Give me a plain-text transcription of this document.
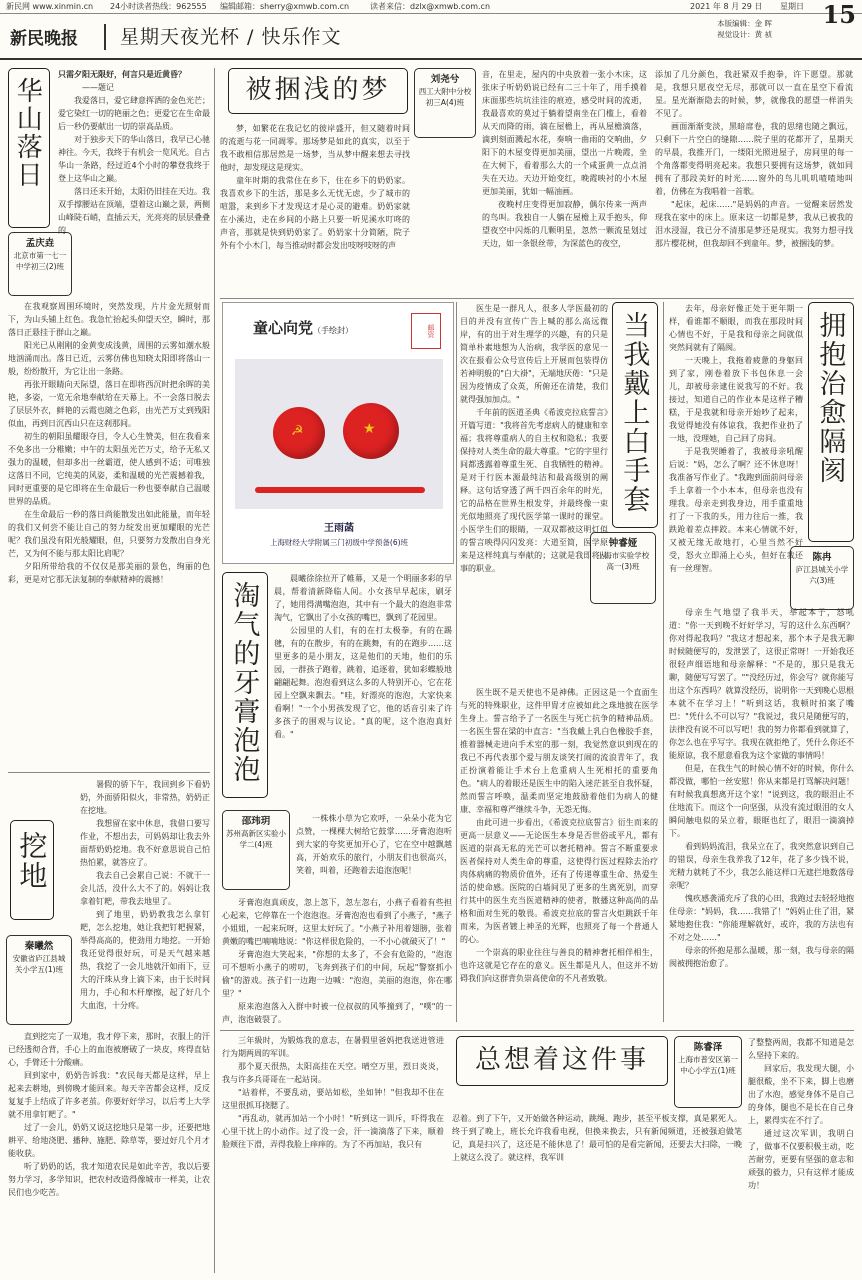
新民网 www.xinmin.cn 24小时读者热线：962555 编辑邮箱：sherry@xmwb.com.cn	读者来信：dzlx@xmwb.com.cn	2021 年 8 月 29 日 星期日 15
新民晚报 星期天夜光杯 / 快乐作文
本版编辑：金 晖
视觉设计：黄 祯
华山落日
孟庆垚
北京市第一七一中学初三(2)班

只需夕阳无限好，何言只是近黄昏？

——题记

我爱落日，爱它肆意挥洒的金色光芒；爱它染红一切的艳丽之色；更爱它在生命最后一秒仍要献出一切的崇高品质。

对于独步天下的华山落日，我早已心驰神往。今天，我终于有机会一览风光。自古华山一条路，经过近4个小时的攀登我终于登上这华山之巅。

落日还未开始，太阳仍旧挂在天边。我双手撑腰站在顶端，望着这山巅之景，两侧山峰陡石峭，直插云天，光亮亮的层层叠叠的

在我观察周围环境时，突然发现，片片金光照射而下，为山头铺上红色。我急忙抬起头仰望天空，瞬时，那落日正悬挂于群山之巅。

阳光已从刚刚的金黄变成浅黄，周围的云雾如潮水般地汹涌而出。落日已近，云雾仿佛也知晓太阳即将落山一般，纷纷散开，为它让出一条路。

再张开眼睛向天际望，落日在即将西沉时把余晖的美艳，多姿，一览无余地奉献给在天幕上。不一会落日脱去了层层外衣，鲜艳的云霞也随之色彩，由光芒万丈到残阳似血，再到日沉西山只在这刹那间。

初生的朝阳虽耀眼夺目，令人心生赞美，但在我看来不免多出一分稚嫩；中午的太阳虽光芒万丈，给予无私又强力的温暖，但却多出一丝霸道，使人感到不适；可唯独这落日不同，它纯美的风姿，柔和温暖的光芒震撼着我，同时更重要的是它即将在生命最后一秒也要奉献自己温暖世界的品质。

在生命最后一秒的落日尚能散发出如此能量，而年轻的我们又何尝不能让自己的努力绽发出更加耀眼的光芒呢？我们虽没有阳光般耀眼，但，只要努力发散出自身光芒，又为何不能与那太阳比肩呢？

夕阳所带给我的不仅仅是那美丽的景色，绚丽的色彩，更是对它那无法复制的奉献精神的震撼！

挖地
秦曦然
安徽省庐江县城关小学五(1)班

暑假的骄下午，我回到乡下看奶奶，外面骄阳似火，非常热，奶奶正在挖地。

我想留在家中休息，我借口要写作业，不想出去，可妈妈却让我去外面帮奶奶挖地。我不好意思说自己怕热怕累，就答应了。

我去自己会累自己说：不就干一会儿活，没什么大不了的。妈妈让我拿着钉耙，带我去地里了。

到了地里，奶奶教我怎么拿钉耙，怎么挖地，她让我把钉耙握紧，举得高高的，使劲用力地挖。一开始我还觉得很好玩，可是天气越来越热，我挖了一会儿地就汗如雨下，豆大的汗珠从身上滴下来，由于长时间用力，手心和木杆摩擦，起了好几个大血泡，十分疼。

直到挖完了一双地，我才停下来，那时，衣服上的汗已经透彻合背，手心上的血泡被磨破了一块皮，疼得直钻心，手臂还十分酸痛。

回到家中，奶奶告诉我："农民每天都是这样，早上起来去耕地，到傍晚才能回来。每天辛苦都会这样，反反复复手上结成了许多老茧。你要好好学习，以后考上大学就不用拿钉耙了。"

过了一会儿，奶奶又说这挖地只是第一步，还要把地耕平、给地浇肥、播种、施肥、除草等，要过好几个月才能收获。

听了奶奶的话，我才知道农民是如此辛苦，我以后要努力学习，多学知识，把农村改造得像城市一样美，让农民们也少吃苦。

被捆浅的梦	刘尧兮
西工大附中分校初三A(4)班

梦，如繁花在我记忆的彼岸盛开，但又随着时间的流逝与花一同凋零。那场梦是如此的真实，以至于我不敢相信那居然是一场梦，当从梦中醒来想去寻找他时，却发现这是现实。

童年时期的我常住在乡下，住在乡下的奶奶家。我喜欢乡下的生活，那是多么无忧无虑，少了城市的喧嚣，来到乡下才发现这才是心灵的避难。奶奶家就在小溪边，走在乡间的小路上只要一听见溪水叮咚的声音，那就是快到奶奶家了。奶奶家十分简陋，院子外有个小木门，每当推动时都会发出吱呀吱呀的声

音，在里走，屋内的中央放着一张小木床，这张床子听奶奶说已经有二三十年了，用手摸着床面那些坑坑洼洼的痕迹，感受时间的流逝，我最喜欢的莫过于躺着望南坐在门槛上，看着从天而降的雨，滴在屋檐上，再从屋檐滴落，滴到刻面溅起水花，奏响一曲雨的交响曲，夕阳下的木屋变得更加美丽，望出一片晚霞，坐在大树下，看着那么大的一个咸蛋黄一点点消失在天边。天边开始变红，晚霞映衬的小木屋更加美丽，犹如一幅油画。

夜晚村庄变得更加寂静，偶尔传来一两声的鸟叫。我独自一人躺在屋檐上双手抱头，仰望夜空中闪烁的几颗明星，忽然一颗流星划过天边，如一条银丝带，为深蓝色的夜空，

添加了几分颜色，我赶紧双手抱拳，许下愿望。那就是，我想只愿夜空无尽，那就可以一直在星空下看流星。星光渐渐隐去的时候，梦，就像我的愿望一样消失不见了。

画面渐渐变淡，黑暗席卷，我的思绪也随之飘远，只剩下一片空白的缝隙……院子里的花都开了，星期天的早晨，我推开门，一缕阳光照进屋子，房间里的每一个角落都变得明亮起来。我想只要拥有这场梦，就如同拥有了那段美好的时光……窗外的鸟儿叽叽喳喳地叫着，仿佛在为我唱着一首歌。

"起床，起床……"是妈妈的声音。一觉醒来居然发现我在家中的床上。原来这一切都是梦，我从已被我的泪水浸湿，我已分不清那是梦还是现实。我努力想寻找那片樱花树，但我却回不到童年。梦，被捆浅的梦。

童心向党（手绘封）	邮资
☭	★
王雨菡
上海财经大学附属三门初级中学预备(6)班
当我戴上白手套
钟睿娅
上海市实验学校高一(3)班

医生是一群凡人，很多人学医最初的目的并没有宣传广告上喊的那么高远微岸，有的出于对生理学的兴趣，有的只是简单朴素地想为人治病，我学医的意见一次在报看公众号宣传后上开展而包装得仿若神明般的"白大褂"，无端地厌倦："只是因为疫情成了众英，所俯还在清楚，我们就得强加加点。"

千年前的医道圣典《希波克拉底誓言》开篇写道："我将首先考虑病人的健康和幸福；我将尊重病人的自主权和隐私；我要保持对人类生命的最大尊重。"它的字里行间都透露着尊重生死、自我牺牲的精神。是对于行医本源最纯洁和最高级别的阐释。这句话穿透了两千四百余年的时光，它的品格在世界生根发芽，并最终像一束光似地照亮了现代医学第一课时的课堂。小医学生们的眼睛，一双双都被这明灯似的誓言映得闪闪发亮：大道至简，医学原来是这样纯真与奉献的；这就是我即将从事的职业。

医生既不是天使也不是神佛。正因这是一个直面生与死的特殊职业，这件甲胄才应被如此之珠地披在医学生身上。誓言给予了一名医生与死亡抗争的精神品质。一名医生誓在梁的中直言："当我戴上乳白色橡胶手套，推着器械走进向手术室的那一刻，我觉然意识到现在的我已不再代表那个爱与朋友谈笑打闹的流浪青年了，我正扮演着能让手术台上危重病人生死相托的重要角色。"病人的着眼还是医生中的陷入迷茫甚至自我怀疑，然而誓言呼唤，温柔而坚定地鼓励着他们为病人的健康、幸福和尊严继续斗争，无怨无悔。

由此可进一步看出，《希波克拉底誓言》衍生而来的更高一层意义——无论医生本身是否世俗或平凡，都有医道的崇高无私的光芒可以奢托精神。誓言不断重要求医者保持对人类生命的尊重，这使得行医过程除去治疗肉体病痛的物质价值外，还有了传递尊重生命、热爱生活的使命感。医院的白墙间见了更多的生离死别，而穿行其中的医生充当医道精神的使者，散播这种高尚的品格和面对生死的敬畏。希波克拉底的誓言火炬跳跃千年而来，为医者镀上神圣的光辉，也照亮了每一个普通人的心。

一个崇高的职业往往与善良的精神奢托相伴相生，也许这就是它存在的意义。医生都是凡人，但这并不妨碍我们向这群背负崇高使命的不凡者致敬。

拥抱治愈隔阂
陈冉
庐江县城关小学六(3)班

去年，母亲好像正处于更年期一样，看谁都不顺眼，而我在那段时间心情也不好，于是我和母亲之间就似突然间就有了隔阂。

一天晚上，我拖着疲惫的身躯回到了家，刚卷着放下书包休息一会儿，却被母亲逮住说我写的不好。我接过，知道自己的作业本是这样子糟糕，于是我就和母亲开始吵了起来，我觉得她没有体谅我，我把作业扔了一地，没理她，自己回了房间。

于是我哭睡着了，我被母亲吼醒后说："妈，怎么了啊？还不休息呀！我准备写作业了。"我跑到面前问母亲手上拿着一个小本本，但母亲也没有理我。母亲走到我身边，用手重重地打了一下我的头，用力往后一推，我跌跄着差点摔跤。本来心情就不好，又被无缘无故地打，心里当然不好受，怒火立即涌上心头，但好在我还有一丝理智。

母亲生气地望了我半天，举起本子，怒吼道："你一天到晚不好好学习，写的这什么东西啊？你对得起我吗？"我这才想起来，那个本子是我无聊时候随便写的，发泄罢了，这很正常呀！一开始我还很轻声细语地和母亲解释："不是的，那只是我无聊，随便写写罢了。""没经历过，你会写？就你能写出这个东西吗？就算没经历，说明你一天到晚心思根本就不在学习上！"听到这话，我顿时拍案了嘴巴："凭什么不可以写？"我说过，我只是随便写的，法律没有说不可以写吧！我的努力你都看到就算了，你怎么也在乎写字。我现在就拒绝了，凭什么你还不能原谅，我不愿意看我为这个家做的事情吗！

但是，在我生气的时候心情不好的时候，你什么都没做，哪怕一丝安慰！你从来都是打骂解决问题！有时候我真想离开这个家！"说到这，我的眼泪止不住地流下。而这个一向坚强，从没有流过眼泪的女人瞬间触电似的呆立着，眼眶也红了，眼泪一滴滴掉下。

看到妈妈流泪，我呆立在了，我突然意识到自己的错误，母亲生我养我了12年，花了多少钱不说，光精力就耗了不少，我怎么能这样口无遮拦地数落母亲呢？

愧疚感袭涌充斥了我的心田，我跑过去轻轻地抱住母亲："妈妈，我……我错了！"妈妈止住了泪，紧紧地抱住我："你能理解就好，或许，我的方法也有不对之处……"

母亲的怀抱是那么温暖，那一刻，我与母亲的隔阂被拥抱治愈了。

淘气的牙膏泡泡
邵玮玥
苏州高新区实验小学二(4)班

晨曦徐徐拉开了帷幕，又是一个明丽多彩的早晨，帮着清新降临人间。小女孩早早起床，刷牙了，她用得满嘴泡泡，其中有一个最大的泡泡非常淘气，它飘出了小女孩的嘴巴，飘到了花园里。

公园里的人们，有的在打太极拳，有的在踢毽，有的在散步，有的在跳舞，有的在跑步……这里更多的是小朋友，这是他们的天地，他们的乐园，一群孩子跑着，跳着，追逐着，犹如彩蝶般地翩翩起舞。泡泡看到这么多的人特别开心，它在花园上空飘来飘去。"哇，好漂亮的泡泡，大家快来看啊！"一个小男孩发现了它，他的话音引来了许多孩子的围观与议论。"真的呢，这个泡泡真好看。"

一株株小草为它欢呼，一朵朵小花为它点赞，一棵棵大树给它鼓掌……牙膏泡泡听到大家的夸奖更加开心了，它在空中越飘越高，开始欢乐的旅行，小朋友们也很高兴，笑着，叫着，还跑着去追泡泡呢！

牙膏泡泡真顽皮，忽上忽下，忽左忽右，小燕子看着有些担心起来，它停靠在一个泡泡泡。牙膏泡泡也看到了小燕子，"燕子小姐姐，一起来玩呀，这里太好玩了。"小燕子补用着翅膀，张着黄嫩的嘴巴喃喃地说："你这样很危险的，一不小心就破灭了！"

牙膏泡泡大笑起来，"你想的太多了，不会有危险的，"泡泡可不想听小燕子的唠叨，飞奔到孩子们的中间，玩起"警察抓小偷"的游戏。孩子们一边跑一边喊："泡泡，美丽的泡泡，你在哪里？"

原来泡泡落入入群中时被一位叔叔的风筝撞到了，"噗"的一声，泡泡破裂了。

三年級时，为锻炼我的意志，在暑假里爸妈把我送进管进行为期两周的军训。

那个夏天很热，太阳高挂在天空。晴空万里，烈日炎炎，我与许多兵哥哥在一起站岗。

"站着样，不要乱动，要站如松，坐如钟！"但我却不住在这里很抓耳挠腮了。

"再乱动，就再加站一个小时！"听到这一训斥，吓得我在心里干扰上的小动作。过了没一会，汗一滴滴落了下来，顺着脸颊往下滑，弄得我脸上痒痒的。为了不再加站，我只有

总想着这件事	陈睿泽
上海市普安区第一中心小学五(1)班

忍着。到了下午，又开始做各种运动，跳绳、跑步，甚至平板支撑，真是累死人。终于到了晚上，班长允许我看电视，但换来换去，只有新闻频道，还被强迫做笔记，真是扫兴了，这还是不能休息了！最可怕的是看完新闻，还要去大扫除，一晚上就这么没了。就这样，我军训

了整整两周，我都不知道是怎么坚持下来的。

回家后，我发现大腿，小腿很酸，坐不下来，脚上也磨出了水泡，感觉身体不是自己的身体，腿也不是长在自己身上，累得实在不行了。

通过这次军训，我明白了，做事不仅要积极主动，吃苦耐劳，更要有坚强的意志和顽强的毅力，只有这样才能成功！
